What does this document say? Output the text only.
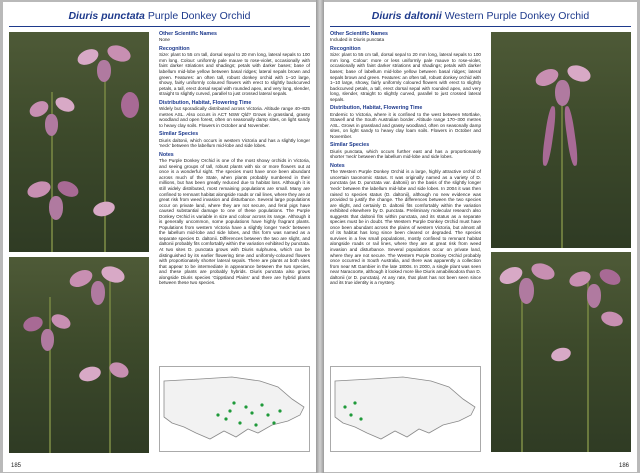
Diuris punctata Purple Donkey Orchid
Other Scientific Names

None

Recognition

Size: plant to 55 cm tall, dorsal sepal to 20 mm long, lateral sepals to 100 mm long. Colour: uniformly pale mauve to rose-violet, occasionally with faint darker striations and shadings; petals with darker bases; base of labellum mid-lobe yellow between basal ridges; lateral sepals brown and green. Features: an often tall, robust donkey orchid with 1–10 large, showy, fairly uniformly coloured flowers with erect to slightly backcurved petals, a tall, erect dorsal sepal with rounded apex, and very long, slender, straight to slightly curved, parallel to just crossed lateral sepals.

Distribution, Habitat, Flowering Time

Widely but sporadically distributed across Victoria. Altitude range 40–825 metres ASL. Also occurs in ACT NSW Qld? Grows in grassland, grassy woodland and open forest, often on seasonally damp sites, on light sandy to heavy clay soils. Flowers in October and November.

Similar Species

Diuris daltonii, which occurs in western Victoria and has a slightly longer 'neck' between the labellum mid-lobe and side lobes.

Notes

The Purple Donkey Orchid is one of the most showy orchids in Victoria, and seeing groups of tall, robust plants with six or more flowers out at once is a wonderful sight. The species must have once been abundant across much of the State, when plants probably numbered in their millions, but has been greatly reduced due to habitat loss. Although it is still widely distributed, most remaining populations are small. Many are confined to remnant habitat alongside roads or rail lines, where they are at great risk from weed invasion and disturbance. Several large populations occur on private land, where they are not secure, and feral pigs have caused substantial damage to one of these populations. The Purple Donkey Orchid is variable in size and colour across its range. Although it is generally uncommon, some populations have highly fragrant plants. Populations from western Victoria have a slightly longer 'neck' between the labellum mid-lobe and side lobes, and this form was named as a separate species D. daltonii. Differences between the two are slight, and daltonii probably fits comfortably within the variation exhibited by punctata. At two sites D. punctata grows with Diuris sulphurea, which can be distinguished by its earlier flowering time and uniformly-coloured flowers with proportionately shorter lateral sepals. There are plants at both sites that appear to be intermediate in appearance between the two species, and these plants are probably hybrids. Diuris punctata also grows alongside Diuris species 'Gippsland Plains' and there are hybrid plants between these two species.

185
Diuris daltonii Western Purple Donkey Orchid
Other Scientific Names

Included in Diuris punctata

Recognition

Size: plant to 55 cm tall, dorsal sepal to 20 mm long, lateral sepals to 100 mm long. Colour: more or less uniformly pale mauve to rose-violet, occasionally with faint darker striations and shadings; petals with darker bases; base of labellum mid-lobe yellow between basal ridges; lateral sepals brown and green. Features: an often tall, robust donkey orchid with 1–10 large, showy, fairly uniformly coloured flowers with erect to slightly backcurved petals, a tall, erect dorsal sepal with rounded apex, and very long, slender, straight to slightly curved, parallel to just crossed lateral sepals.

Distribution, Habitat, Flowering Time

Endemic to Victoria, where it is confined to the west between Mortlake, Stawell and the South Australian border. Altitude range 170–300 metres ASL. Grows in grassland and grassy woodland, often on seasonally damp sites, on light sandy to heavy clay loam soils. Flowers in October and November.

Similar Species

Diuris punctata, which occurs further east and has a proportionately shorter 'neck' between the labellum mid-lobe and side lobes.

Notes

The Western Purple Donkey Orchid is a large, highly attractive orchid of uncertain taxonomic status. It was originally named as a variety of D. punctata (as D. punctata var. daltonii) on the basis of the slightly longer 'neck' between the labellum mid-lobe and side lobes. In 2004 it was then raised to species status (D. daltonii), although no new evidence was provided to justify the change. The differences between the two species are slight, and certainly D. daltonii fits comfortably within the variation exhibited elsewhere by D. punctata. Preliminary molecular research also suggests that daltonii fits within punctata, and its status as a separate species must be in doubt. The Western Purple Donkey Orchid must have once been abundant across the plains of western Victoria, but almost all of its habitat has long since been cleared or degraded. The species survives in a few small populations, mostly confined to remnant habitat alongside roads or rail lines, where they are at great risk from weed invasion and disturbance. Several populations occur on private land, where they are not secure. The Western Purple Donkey Orchid probably once occurred in South Australia, and there was apparently a collection from near Mt Gambier in the late 1800s. In 2000, a single plant was seen near Naracoorte, although it looked more like Diuris amabilisodora than D. daltonii (or D. punctata). At any rate, that plant has not been seen since and its true identity is a mystery.

186
